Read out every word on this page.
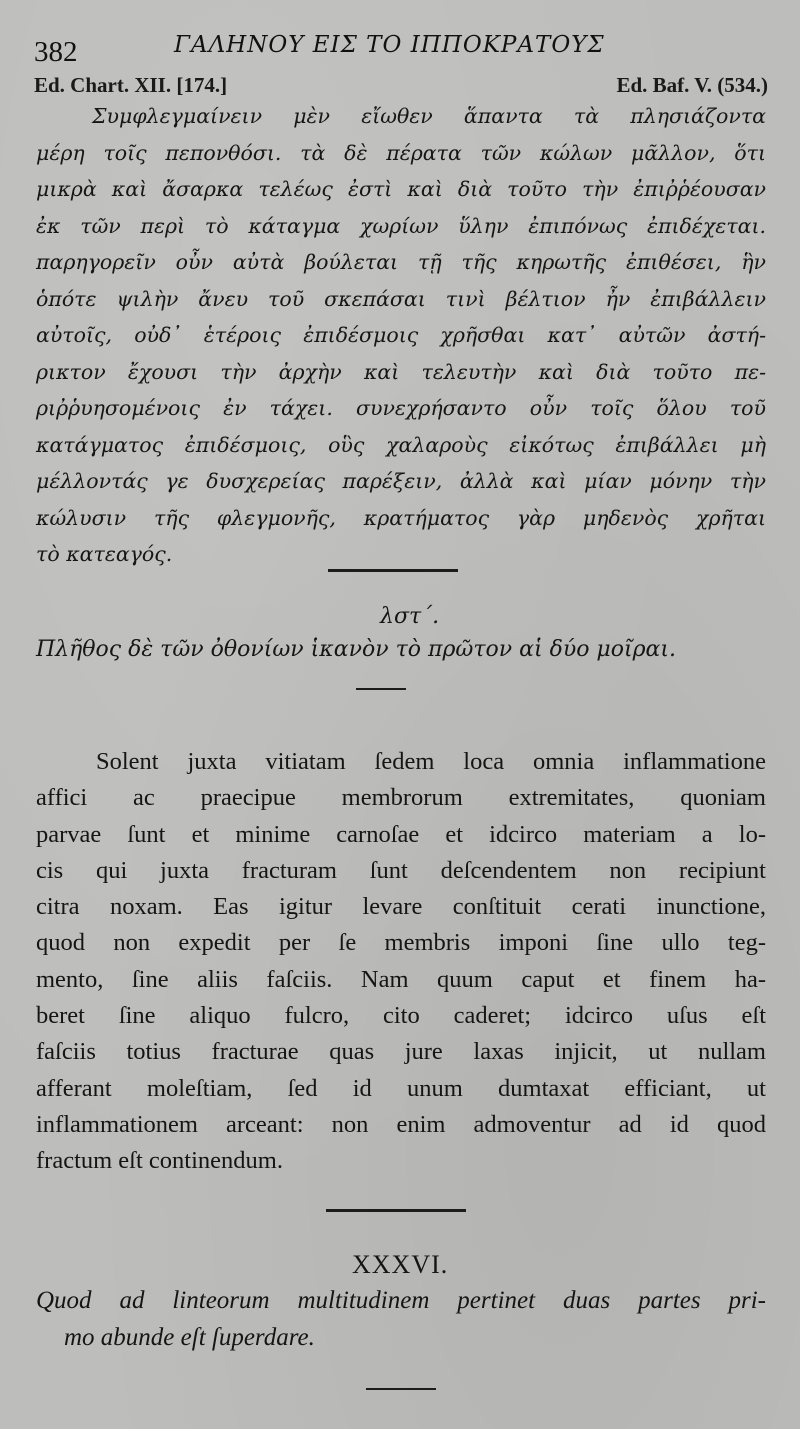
382	ΓΑΛΗΝΟΥ ΕΙΣ ΤΟ ΙΠΠΟΚΡΑΤΟΥΣ
Ed. Chart. XII. [174.]	Ed. Baf. V. (534.)
Συμφλεγμαίνειν μὲν εἴωθεν ἅπαντα τὰ πλησιάζοντα
μέρη τοῖς πεπονθόσι. τὰ δὲ πέρατα τῶν κώλων μᾶλλον, ὅτι
μικρὰ καὶ ἄσαρκα τελέως ἐστὶ καὶ διὰ τοῦτο τὴν ἐπιῤῥέουσαν
ἐκ τῶν περὶ τὸ κάταγμα χωρίων ὕλην ἐπιπόνως ἐπιδέχεται.
παρηγορεῖν οὖν αὐτὰ βούλεται τῇ τῆς κηρωτῆς ἐπιθέσει, ἣν
ὁπότε ψιλὴν ἄνευ τοῦ σκεπάσαι τινὶ βέλτιον ἦν ἐπιβάλλειν
αὐτοῖς, οὐδ᾽ ἑτέροις ἐπιδέσμοις χρῆσθαι κατ᾽ αὐτῶν ἀστή-
ρικτον ἔχουσι τὴν ἀρχὴν καὶ τελευτὴν καὶ διὰ τοῦτο πε-
ριῤῥυησομένοις ἐν τάχει. συνεχρήσαντο οὖν τοῖς ὅλου τοῦ
κατάγματος ἐπιδέσμοις, οὓς χαλαροὺς εἰκότως ἐπιβάλλει μὴ
μέλλοντάς γε δυσχερείας παρέξειν, ἀλλὰ καὶ μίαν μόνην τὴν
κώλυσιν τῆς φλεγμονῆς, κρατήματος γὰρ μηδενὸς χρῆται
τὸ κατεαγός.
λστ΄.
Πλῆθος δὲ τῶν ὀθονίων ἱκανὸν τὸ πρῶτον αἱ δύο μοῖραι.
Solent juxta vitiatam ſedem loca omnia inflammatione
affici ac praecipue membrorum extremitates, quoniam
parvae ſunt et minime carnoſae et idcirco materiam a lo-
cis qui juxta fracturam ſunt deſcendentem non recipiunt
citra noxam. Eas igitur levare conſtituit cerati inunctione,
quod non expedit per ſe membris imponi ſine ullo teg-
mento, ſine aliis faſciis. Nam quum caput et finem ha-
beret ſine aliquo fulcro, cito caderet; idcirco uſus eſt
faſciis totius fracturae quas jure laxas injicit, ut nullam
afferant moleſtiam, ſed id unum dumtaxat efficiant, ut
inflammationem arceant: non enim admoventur ad id quod
fractum eſt continendum.
XXXVI.
Quod ad linteorum multitudinem pertinet duas partes pri-
mo abunde eſt ſuperdare.
